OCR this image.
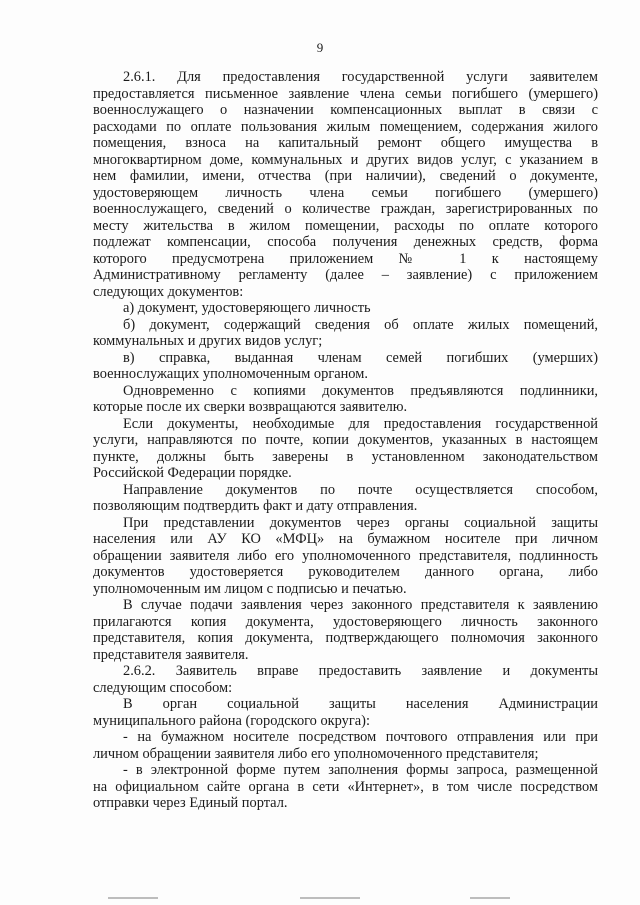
9
2.6.1. Для предоставления государственной услуги заявителем
предоставляется письменное заявление члена семьи погибшего (умершего)
военнослужащего о назначении компенсационных выплат в связи с
расходами по оплате пользования жилым помещением, содержания жилого
помещения, взноса на капитальный ремонт общего имущества в
многоквартирном доме, коммунальных и других видов услуг, с указанием в
нем фамилии, имени, отчества (при наличии), сведений о документе,
удостоверяющем личность члена семьи погибшего (умершего)
военнослужащего, сведений о количестве граждан, зарегистрированных по
месту жительства в жилом помещении, расходы по оплате которого
подлежат компенсации, способа получения денежных средств, форма
которого предусмотрена приложением № 1 к настоящему
Административному регламенту (далее – заявление) с приложением
следующих документов:
а) документ, удостоверяющего личность
б) документ, содержащий сведения об оплате жилых помещений,
коммунальных и других видов услуг;
в) справка, выданная членам семей погибших (умерших)
военнослужащих уполномоченным органом.
Одновременно с копиями документов предъявляются подлинники,
которые после их сверки возвращаются заявителю.
Если документы, необходимые для предоставления государственной
услуги, направляются по почте, копии документов, указанных в настоящем
пункте, должны быть заверены в установленном законодательством
Российской Федерации порядке.
Направление документов по почте осуществляется способом,
позволяющим подтвердить факт и дату отправления.
При представлении документов через органы социальной защиты
населения или АУ КО «МФЦ» на бумажном носителе при личном
обращении заявителя либо его уполномоченного представителя, подлинность
документов удостоверяется руководителем данного органа, либо
уполномоченным им лицом с подписью и печатью.
В случае подачи заявления через законного представителя к заявлению
прилагаются копия документа, удостоверяющего личность законного
представителя, копия документа, подтверждающего полномочия законного
представителя заявителя.
2.6.2. Заявитель вправе предоставить заявление и документы
следующим способом:
В орган социальной защиты населения Администрации
муниципального района (городского округа):
- на бумажном носителе посредством почтового отправления или при
личном обращении заявителя либо его уполномоченного представителя;
- в электронной форме путем заполнения формы запроса, размещенной
на официальном сайте органа в сети «Интернет», в том числе посредством
отправки через Единый портал.
